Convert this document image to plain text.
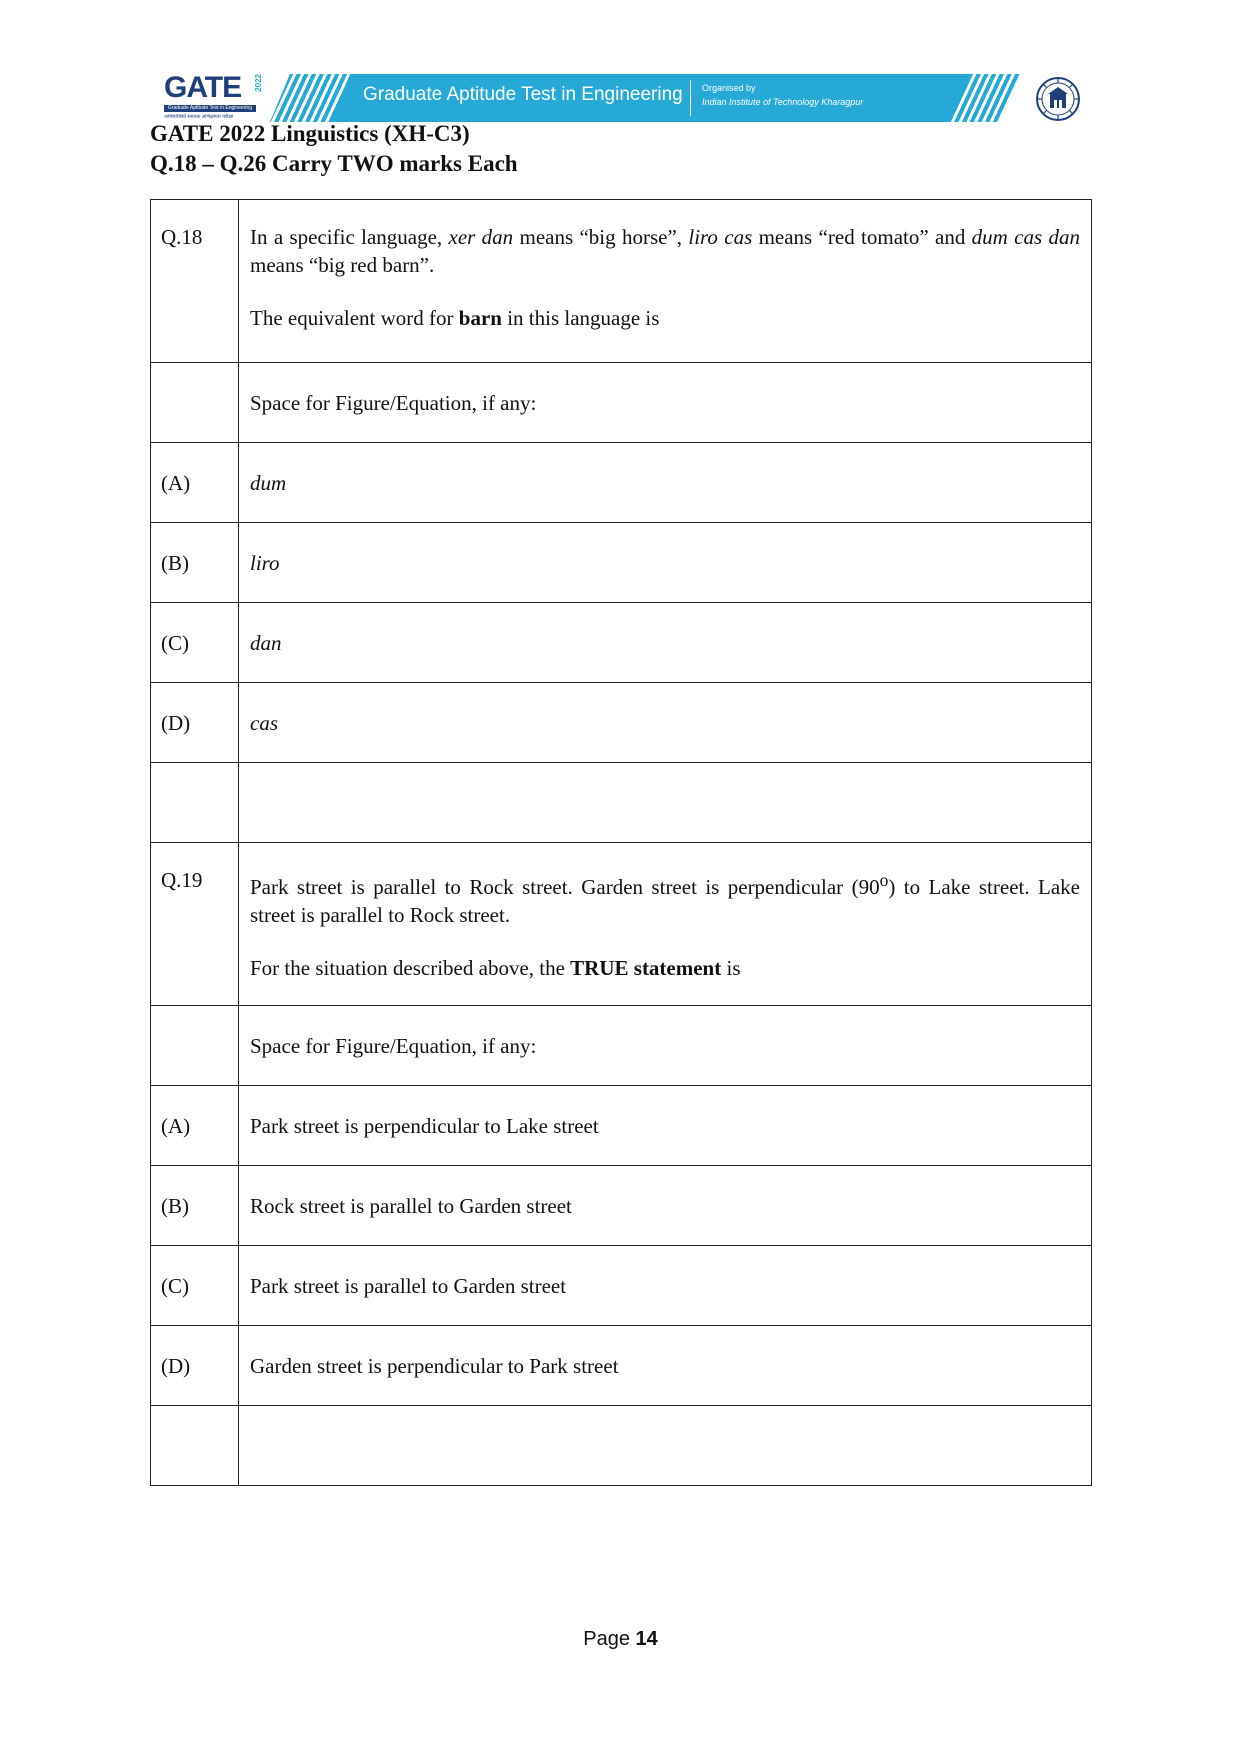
GATE 2022
Graduate Aptitude Test in Engineering
अभियांत्रिकी स्नातक अभिक्षमता परीक्षा
Graduate Aptitude Test in Engineering Organised by
Indian Institute of Technology Kharagpur
GATE 2022 Linguistics (XH-C3)
Q.18 – Q.26 Carry TWO marks Each
Q.18	In a specific language, xer dan means “big horse”, liro cas means “red tomato” and dum cas dan means “big red barn”.

The equivalent word for barn in this language is

	Space for Figure/Equation, if any:
(A)	dum
(B)	liro
(C)	dan
(D)	cas

Q.19	Park street is parallel to Rock street. Garden street is perpendicular (90$^o$) to Lake street. Lake street is parallel to Rock street.

For the situation described above, the TRUE statement is

	Space for Figure/Equation, if any:
(A)	Park street is perpendicular to Lake street
(B)	Rock street is parallel to Garden street
(C)	Park street is parallel to Garden street
(D)	Garden street is perpendicular to Park street

Page 14
